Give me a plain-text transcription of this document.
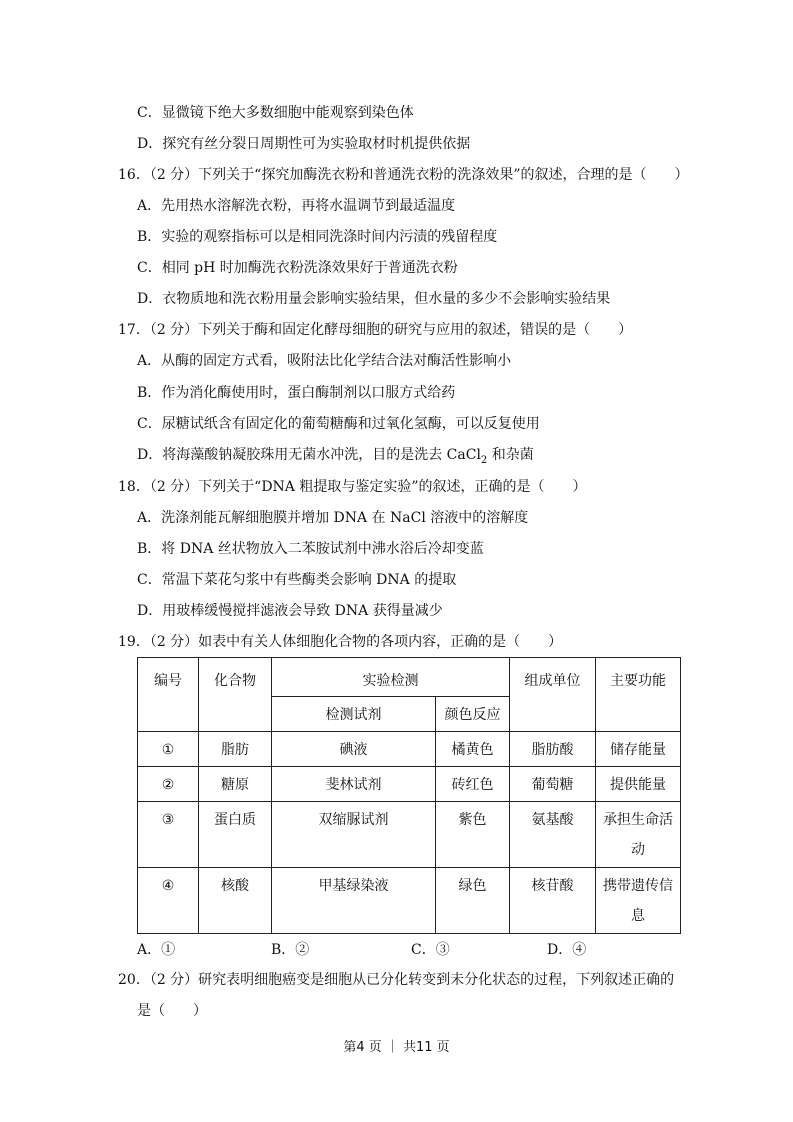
C．显微镜下绝大多数细胞中能观察到染色体
D．探究有丝分裂日周期性可为实验取材时机提供依据
16．（2 分）下列关于“探究加酶洗衣粉和普通洗衣粉的洗涤效果”的叙述，合理的是（　　）
A．先用热水溶解洗衣粉，再将水温调节到最适温度
B．实验的观察指标可以是相同洗涤时间内污渍的残留程度
C．相同 pH 时加酶洗衣粉洗涤效果好于普通洗衣粉
D．衣物质地和洗衣粉用量会影响实验结果，但水量的多少不会影响实验结果
17．（2 分）下列关于酶和固定化酵母细胞的研究与应用的叙述，错误的是（　　）
A．从酶的固定方式看，吸附法比化学结合法对酶活性影响小
B．作为消化酶使用时，蛋白酶制剂以口服方式给药
C．尿糖试纸含有固定化的葡萄糖酶和过氧化氢酶，可以反复使用
D．将海藻酸钠凝胶珠用无菌水冲洗，目的是洗去 CaCl$_2$ 和杂菌
18．（2 分）下列关于“DNA 粗提取与鉴定实验”的叙述，正确的是（　　）
A．洗涤剂能瓦解细胞膜并增加 DNA 在 NaCl 溶液中的溶解度
B．将 DNA 丝状物放入二苯胺试剂中沸水浴后冷却变蓝
C．常温下菜花匀浆中有些酶类会影响 DNA 的提取
D．用玻棒缓慢搅拌滤液会导致 DNA 获得量减少
19．（2 分）如表中有关人体细胞化合物的各项内容，正确的是（　　）
编号	化合物	实验检测		组成单位	主要功能
		检测试剂	颜色反应		
①	脂肪	碘液	橘黄色	脂肪酸	储存能量
②	糖原	斐林试剂	砖红色	葡萄糖	提供能量
③	蛋白质	双缩脲试剂	紫色	氨基酸	承担生命活动
④	核酸	甲基绿染液	绿色	核苷酸	携带遗传信息
A．①	B．②	C．③	D．④
20．（2 分）研究表明细胞癌变是细胞从已分化转变到未分化状态的过程，下列叙述正确的
是（　　）
第4 页 ｜ 共11 页
